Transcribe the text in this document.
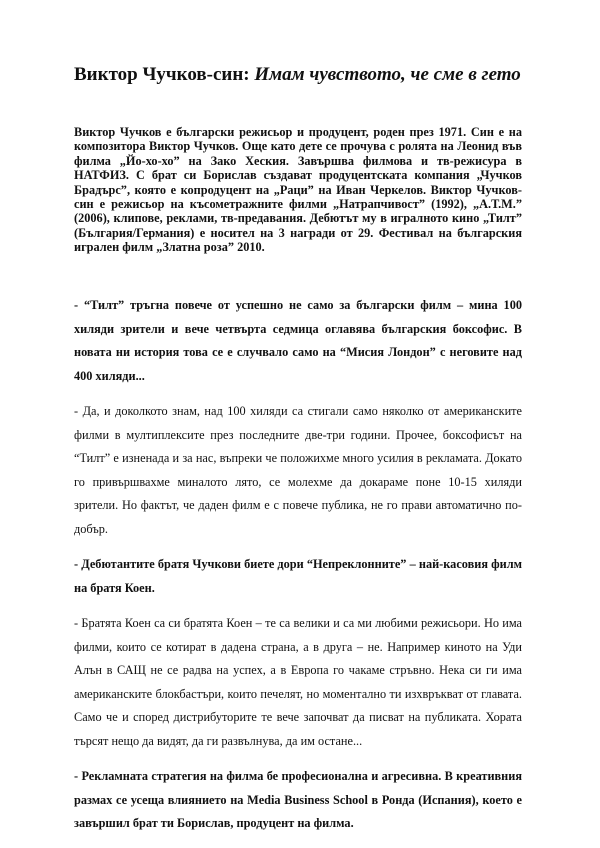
Виктор Чучков-син: Имам чувството, че сме в гето

Виктор Чучков е български режисьор и продуцент, роден през 1971. Син е на композитора Виктор Чучков. Още като дете се прочува с ролята на Леонид във филма „Йо-хо-хо” на Зако Хеския. Завършва филмова и тв-режисура в НАТФИЗ. С брат си Борислав създават продуцентската компания „Чучков Брадърс”, която е копродуцент на „Раци” на Иван Черкелов. Виктор Чучков-син е режисьор на късометражните филми „Натрапчивост” (1992), „А.Т.М.” (2006), клипове, реклами, тв-предавания. Дебютът му в игралното кино „Тилт” (България/Германия) е носител на 3 награди от 29. Фестивал на българския игрален филм „Златна роза” 2010.

- “Тилт” тръгна повече от успешно не само за български филм – мина 100 хиляди зрители и вече четвърта седмица оглавява българския боксофис. В новата ни история това се е случвало само на “Мисия Лондон” с неговите над 400 хиляди...

- Да, и доколкото знам, над 100 хиляди са стигали само няколко от американските филми в мултиплексите през последните две-три години. Прочее, боксофисът на “Тилт” е изненада и за нас, въпреки че положихме много усилия в рекламата. Докато го привършвахме миналото лято, се молехме да докараме поне 10-15 хиляди зрители. Но фактът, че даден филм е с повече публика, не го прави автоматично по-добър.

- Дебютантите братя Чучкови биете дори “Непреклонните” – най-касовия филм на братя Коен.

- Братята Коен са си братята Коен – те са велики и са ми любими режисьори. Но има филми, които се котират в дадена страна, а в друга – не. Например киното на Уди Алън в САЩ не се радва на успех, а в Европа го чакаме стръвно. Нека си ги има американските блокбастъри, които печелят, но моментално ти изхвръкват от главата. Само че и според дистрибуторите те вече започват да писват на публиката. Хората търсят нещо да видят, да ги развълнува, да им остане...

- Рекламната стратегия на филма бе професионална и агресивна. В креативния размах се усеща влиянието на Media Business School в Ронда (Испания), което е завършил брат ти Борислав, продуцент на филма.
